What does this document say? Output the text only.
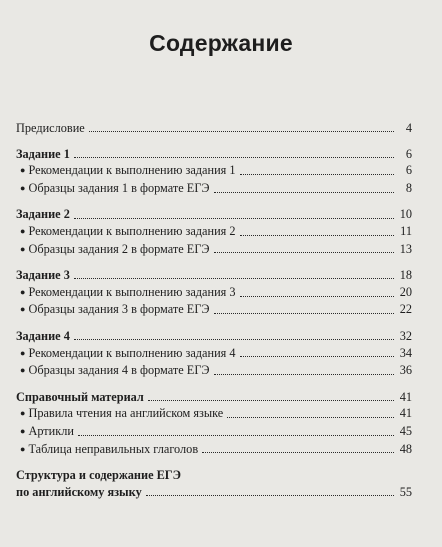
Содержание
Предисловие	4
Задание 1	6
● Рекомендации к выполнению задания 1	6
● Образцы задания 1 в формате ЕГЭ	8
Задание 2	10
● Рекомендации к выполнению задания 2	11
● Образцы задания 2 в формате ЕГЭ	13
Задание 3	18
● Рекомендации к выполнению задания 3	20
● Образцы задания 3 в формате ЕГЭ	22
Задание 4	32
● Рекомендации к выполнению задания 4	34
● Образцы задания 4 в формате ЕГЭ	36
Справочный материал	41
● Правила чтения на английском языке	41
● Артикли	45
● Таблица неправильных глаголов	48
Структура и содержание ЕГЭ
по английскому языку	55
